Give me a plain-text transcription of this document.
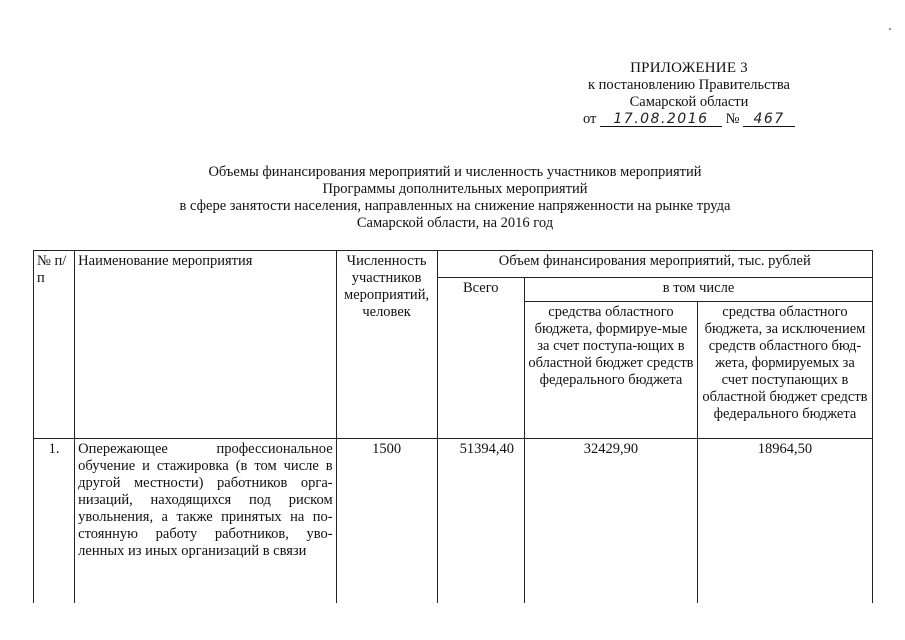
ПРИЛОЖЕНИЕ 3
к постановлению Правительства
Самарской области
от 17.08.2016 № 467
Объемы финансирования мероприятий и численность участников мероприятий
Программы дополнительных мероприятий
в сфере занятости населения, направленных на снижение напряженности на рынке труда
Самарской области, на 2016 год
№ п/п	Наименование мероприятия	Численность участников мероприятий, человек	Объем финансирования мероприятий, тыс. рублей		
			Всего	в том числе	
				средства областного бюджета, формируе-мые за счет поступа-ющих в областной бюджет средств федерального бюджета	средства областного бюджета, за исключением средств областного бюд-жета, формируемых за счет поступающих в областной бюджет средств федерального бюджета
1.	Опережающее профессиональное обучение и стажировка (в том числе в другой местности) работников орга-низаций, находящихся под риском увольнения, а также принятых на по-стоянную работу работников, уво-ленных из иных организаций в связи	1500	51394,40	32429,90	18964,50
